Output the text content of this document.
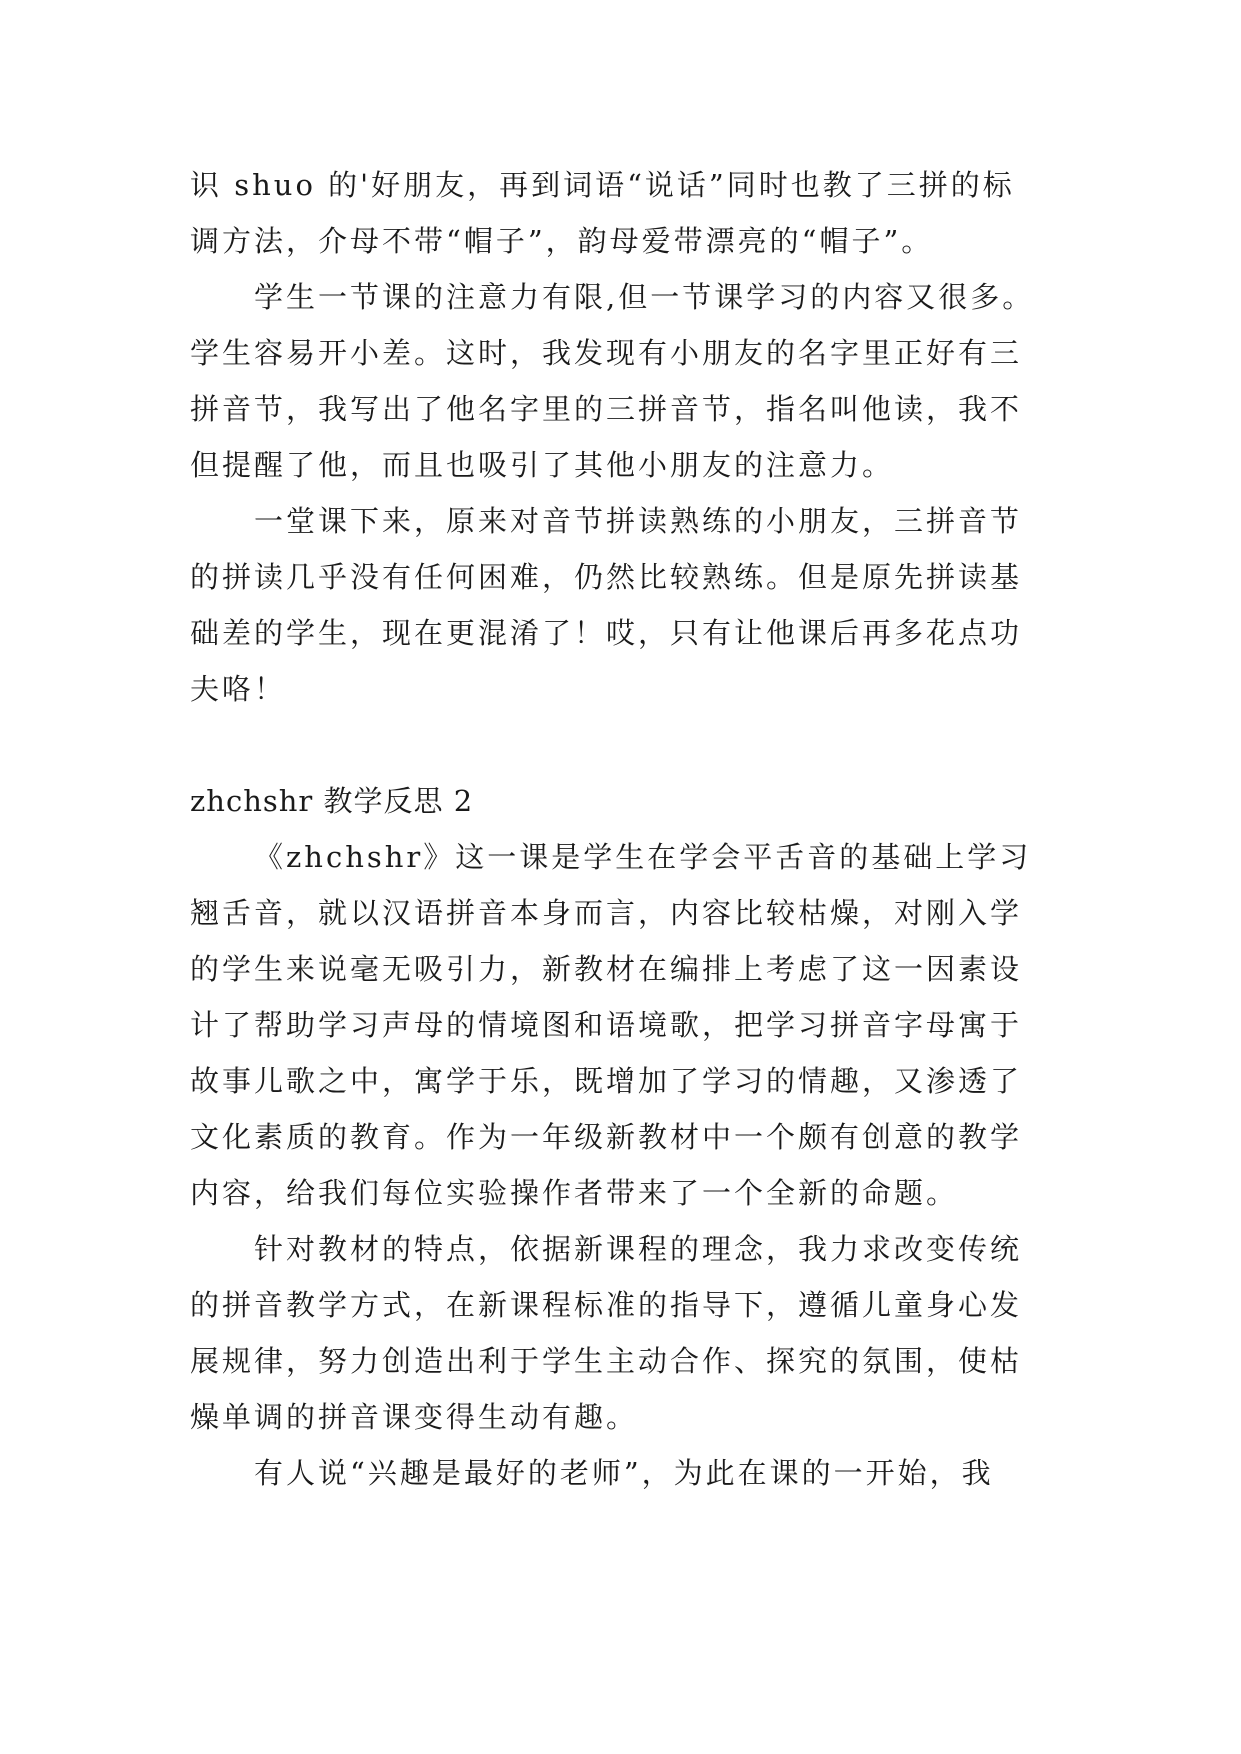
识 shuo 的'好朋友，再到词语“说话”同时也教了三拼的标
调方法，介母不带“帽子”，韵母爱带漂亮的“帽子”。
学生一节课的注意力有限,但一节课学习的内容又很多。
学生容易开小差。这时，我发现有小朋友的名字里正好有三
拼音节，我写出了他名字里的三拼音节，指名叫他读，我不
但提醒了他，而且也吸引了其他小朋友的注意力。
一堂课下来，原来对音节拼读熟练的小朋友，三拼音节
的拼读几乎没有任何困难，仍然比较熟练。但是原先拼读基
础差的学生，现在更混淆了！哎，只有让他课后再多花点功
夫咯！
zhchshr 教学反思 2
《zhchshr》这一课是学生在学会平舌音的基础上学习
翘舌音，就以汉语拼音本身而言，内容比较枯燥，对刚入学
的学生来说毫无吸引力，新教材在编排上考虑了这一因素设
计了帮助学习声母的情境图和语境歌，把学习拼音字母寓于
故事儿歌之中，寓学于乐，既增加了学习的情趣，又渗透了
文化素质的教育。作为一年级新教材中一个颇有创意的教学
内容，给我们每位实验操作者带来了一个全新的命题。
针对教材的特点，依据新课程的理念，我力求改变传统
的拼音教学方式，在新课程标准的指导下，遵循儿童身心发
展规律，努力创造出利于学生主动合作、探究的氛围，使枯
燥单调的拼音课变得生动有趣。
有人说“兴趣是最好的老师”，为此在课的一开始，我
